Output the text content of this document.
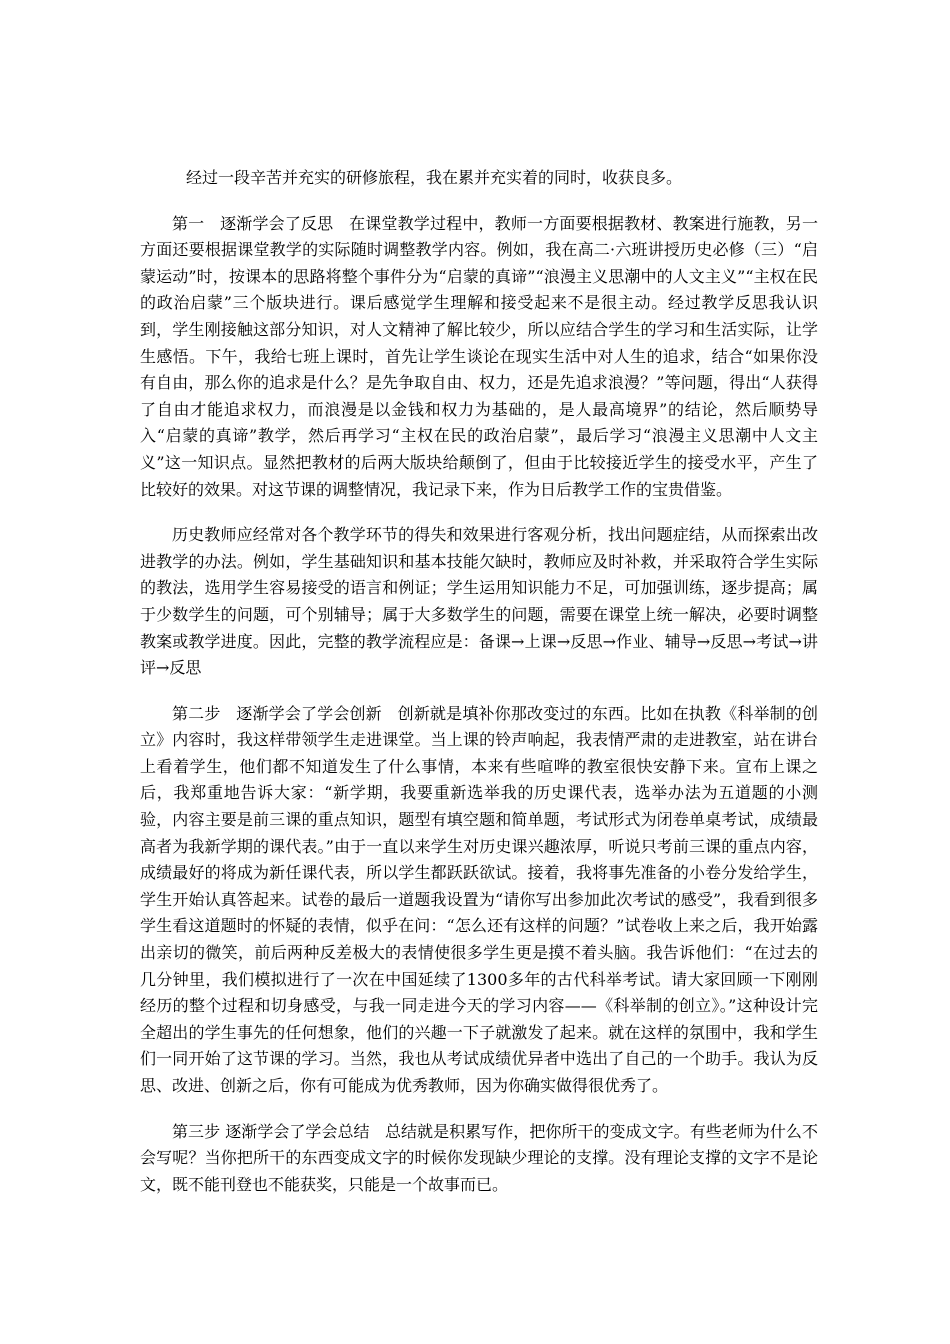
经过一段辛苦并充实的研修旅程，我在累并充实着的同时，收获良多。

第一   逐渐学会了反思   在课堂教学过程中，教师一方面要根据教材、教案进行施教，另一方面还要根据课堂教学的实际随时调整教学内容。例如，我在高二·六班讲授历史必修（三）“启蒙运动”时，按课本的思路将整个事件分为“启蒙的真谛”“浪漫主义思潮中的人文主义”“主权在民的政治启蒙”三个版块进行。课后感觉学生理解和接受起来不是很主动。经过教学反思我认识到，学生刚接触这部分知识，对人文精神了解比较少，所以应结合学生的学习和生活实际，让学生感悟。下午，我给七班上课时，首先让学生谈论在现实生活中对人生的追求，结合“如果你没有自由，那么你的追求是什么？是先争取自由、权力，还是先追求浪漫？”等问题，得出“人获得了自由才能追求权力，而浪漫是以金钱和权力为基础的，是人最高境界”的结论，然后顺势导入“启蒙的真谛”教学，然后再学习“主权在民的政治启蒙”，最后学习“浪漫主义思潮中人文主义”这一知识点。显然把教材的后两大版块给颠倒了，但由于比较接近学生的接受水平，产生了比较好的效果。对这节课的调整情况，我记录下来，作为日后教学工作的宝贵借鉴。

历史教师应经常对各个教学环节的得失和效果进行客观分析，找出问题症结，从而探索出改进教学的办法。例如，学生基础知识和基本技能欠缺时，教师应及时补救，并采取符合学生实际的教法，选用学生容易接受的语言和例证；学生运用知识能力不足，可加强训练，逐步提高；属于少数学生的问题，可个别辅导；属于大多数学生的问题，需要在课堂上统一解决，必要时调整教案或教学进度。因此，完整的教学流程应是：备课→上课→反思→作业、辅导→反思→考试→讲评→反思

第二步   逐渐学会了学会创新   创新就是填补你那改变过的东西。比如在执教《科举制的创立》内容时，我这样带领学生走进课堂。当上课的铃声响起，我表情严肃的走进教室，站在讲台上看着学生，他们都不知道发生了什么事情，本来有些喧哗的教室很快安静下来。宣布上课之后，我郑重地告诉大家：“新学期，我要重新选举我的历史课代表，选举办法为五道题的小测验，内容主要是前三课的重点知识，题型有填空题和简单题，考试形式为闭卷单桌考试，成绩最高者为我新学期的课代表。”由于一直以来学生对历史课兴趣浓厚，听说只考前三课的重点内容，成绩最好的将成为新任课代表，所以学生都跃跃欲试。接着，我将事先准备的小卷分发给学生，学生开始认真答起来。试卷的最后一道题我设置为“请你写出参加此次考试的感受”，我看到很多学生看这道题时的怀疑的表情，似乎在问：“怎么还有这样的问题？”试卷收上来之后，我开始露出亲切的微笑，前后两种反差极大的表情使很多学生更是摸不着头脑。我告诉他们：“在过去的几分钟里，我们模拟进行了一次在中国延续了1300多年的古代科举考试。请大家回顾一下刚刚经历的整个过程和切身感受，与我一同走进今天的学习内容——《科举制的创立》。”这种设计完全超出的学生事先的任何想象，他们的兴趣一下子就激发了起来。就在这样的氛围中，我和学生们一同开始了这节课的学习。当然，我也从考试成绩优异者中选出了自己的一个助手。我认为反思、改进、创新之后，你有可能成为优秀教师，因为你确实做得很优秀了。

第三步 逐渐学会了学会总结   总结就是积累写作，把你所干的变成文字。有些老师为什么不会写呢？当你把所干的东西变成文字的时候你发现缺少理论的支撑。没有理论支撑的文字不是论文，既不能刊登也不能获奖，只能是一个故事而已。
